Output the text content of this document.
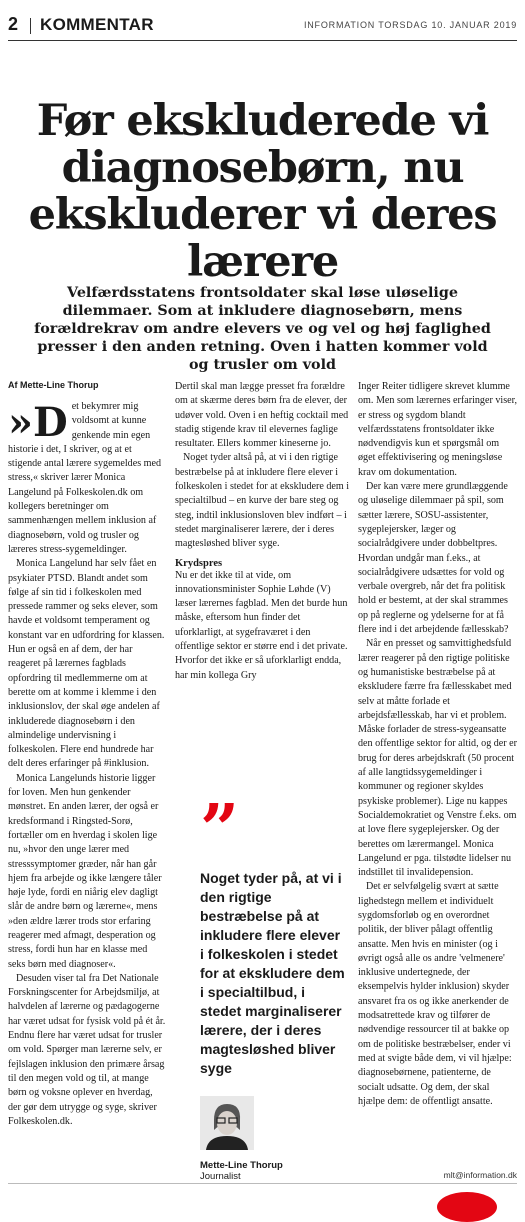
2 KOMMENTAR	INFORMATION TORSDAG 10. JANUAR 2019
Før ekskluderede vi diagnosebørn, nu ekskluderer vi deres lærere
Velfærdsstatens frontsoldater skal løse uløselige dilemmaer. Som at inkludere diagnosebørn, mens forældrekrav om andre elevers ve og vel og høj faglighed presser i den anden retning. Oven i hatten kommer vold og trusler om vold
Af Mette-Line Thorup

»D et bekymrer mig voldsomt at kunne genkende min egen historie i det, I skriver, og at et stigende antal lærere sygemeldes med stress,« skriver lærer Monica Langelund på Folkeskolen.dk om kollegers beretninger om sammenhængen mellem inklusion af diagnosebørn, vold og trusler og læreres stress-sygemeldinger.

Monica Langelund har selv fået en psykiater PTSD. Blandt andet som følge af sin tid i folkeskolen med pressede rammer og seks elever, som havde et voldsomt temperament og konstant var en udfordring for klassen. Hun er også en af dem, der har reageret på lærernes fagblads opfordring til medlemmerne om at berette om at komme i klemme i den inklusionslov, der skal øge andelen af inkluderede diagnosebørn i den almindelige undervisning i folkeskolen. Flere end hundrede har delt deres erfaringer på #inklusion.

Monica Langelunds historie ligger for loven. Men hun genkender mønstret. En anden lærer, der også er kredsformand i Ringsted-Sorø, fortæller om en hverdag i skolen lige nu, »hvor den unge lærer med stresssymptomer græder, når han går hjem fra arbejde og ikke længere tåler høje lyde, fordi en niårig elev dagligt slår de andre børn og lærerne«, mens »den ældre lærer trods stor erfaring reagerer med afmagt, desperation og stress, fordi hun har en klasse med seks børn med diagnoser«.

Desuden viser tal fra Det Nationale Forskningscenter for Arbejdsmiljø, at halvdelen af lærerne og pædagogerne har været udsat for fysisk vold på ét år. Endnu flere har været udsat for trusler om vold. Spørger man lærerne selv, er fejlslagen inklusion den primære årsag til den megen vold og til, at mange børn og voksne oplever en hverdag, der gør dem utrygge og syge, skriver Folkeskolen.dk.

Dertil skal man lægge presset fra forældre om at skærme deres børn fra de elever, der udøver vold. Oven i en heftig cocktail med stadig stigende krav til elevernes faglige resultater. Ellers kommer kineserne jo.

Noget tyder altså på, at vi i den rigtige bestræbelse på at inkludere flere elever i folkeskolen i stedet for at ekskludere dem i specialtilbud – en kurve der bare steg og steg, indtil inklusionsloven blev indført – i stedet marginaliserer lærere, der i deres magtesløshed bliver syge.

Krydspres

Nu er det ikke til at vide, om innovationsminister Sophie Løhde (V) læser lærernes fagblad. Men det burde hun måske, eftersom hun finder det uforklarligt, at sygefraværet i den offentlige sektor er større end i det private. Hvorfor det ikke er så uforklarligt endda, har min kollega Gry

”
Noget tyder på, at vi i den rigtige bestræbelse på at inkludere flere elever i folkeskolen i stedet for at ekskludere dem i specialtilbud, i stedet marginaliserer lærere, der i deres magtesløshed bliver syge
Mette-Line Thorup
Journalist

Inger Reiter tidligere skrevet klumme om. Men som lærernes erfaringer viser, er stress og sygdom blandt velfærdsstatens frontsoldater ikke nødvendigvis kun et spørgsmål om øget effektivisering og meningsløse krav om dokumentation.

Der kan være mere grundlæggende og uløselige dilemmaer på spil, som sætter lærere, SOSU-assistenter, sygeplejersker, læger og socialrådgivere under dobbeltpres. Hvordan undgår man f.eks., at socialrådgivere udsættes for vold og verbale overgreb, når det fra politisk hold er bestemt, at der skal strammes op på reglerne og ydelserne for at få flere ind i det arbejdende fællesskab?

Når en presset og samvittighedsfuld lærer reagerer på den rigtige politiske og humanistiske bestræbelse på at ekskludere færre fra fællesskabet med selv at måtte forlade et arbejdsfællesskab, har vi et problem. Måske forlader de stress-sygeansatte den offentlige sektor for altid, og der er brug for deres arbejdskraft (50 procent af alle langtidssygemeldinger i kommuner og regioner skyldes psykiske problemer). Lige nu kappes Socialdemokratiet og Venstre f.eks. om at love flere sygeplejersker. Og der berettes om lærermangel. Monica Langelund er pga. tilstødte lidelser nu indstillet til invalidepension.

Det er selvfølgelig svært at sætte lighedstegn mellem et individuelt sygdomsforløb og en overordnet politik, der bliver pålagt offentlig ansatte. Men hvis en minister (og i øvrigt også alle os andre 'velmenere' inklusive undertegnede, der eksempelvis hylder inklusion) skyder ansvaret fra os og ikke anerkender de modsatrettede krav og tilfører de nødvendige ressourcer til at bakke op om de politiske bestræbelser, ender vi med at svigte både dem, vi vil hjælpe: diagnosebørnene, patienterne, de socialt udsatte. Og dem, der skal hjælpe dem: de offentligt ansatte.

mlt@information.dk
